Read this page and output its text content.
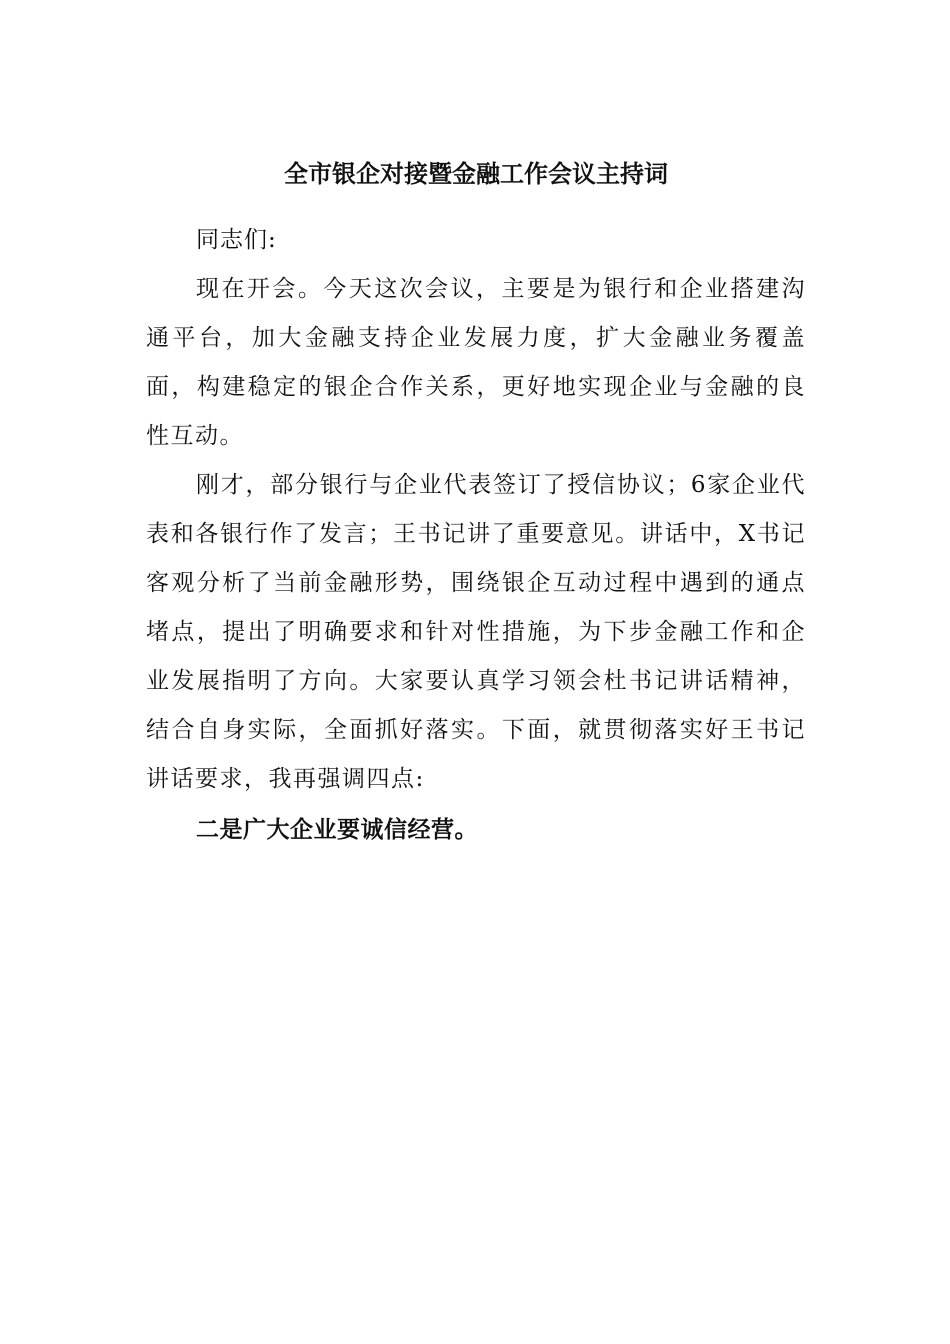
全市银企对接暨金融工作会议主持词

同志们:

现在开会。今天这次会议，主要是为银行和企业搭建沟通平台，加大金融支持企业发展力度，扩大金融业务覆盖面，构建稳定的银企合作关系，更好地实现企业与金融的良性互动。

刚才，部分银行与企业代表签订了授信协议；6家企业代表和各银行作了发言；王书记讲了重要意见。讲话中，X书记客观分析了当前金融形势，围绕银企互动过程中遇到的通点堵点，提出了明确要求和针对性措施，为下步金融工作和企业发展指明了方向。大家要认真学习领会杜书记讲话精神，结合自身实际，全面抓好落实。下面，就贯彻落实好王书记讲话要求，我再强调四点:

二是广大企业要诚信经营。
